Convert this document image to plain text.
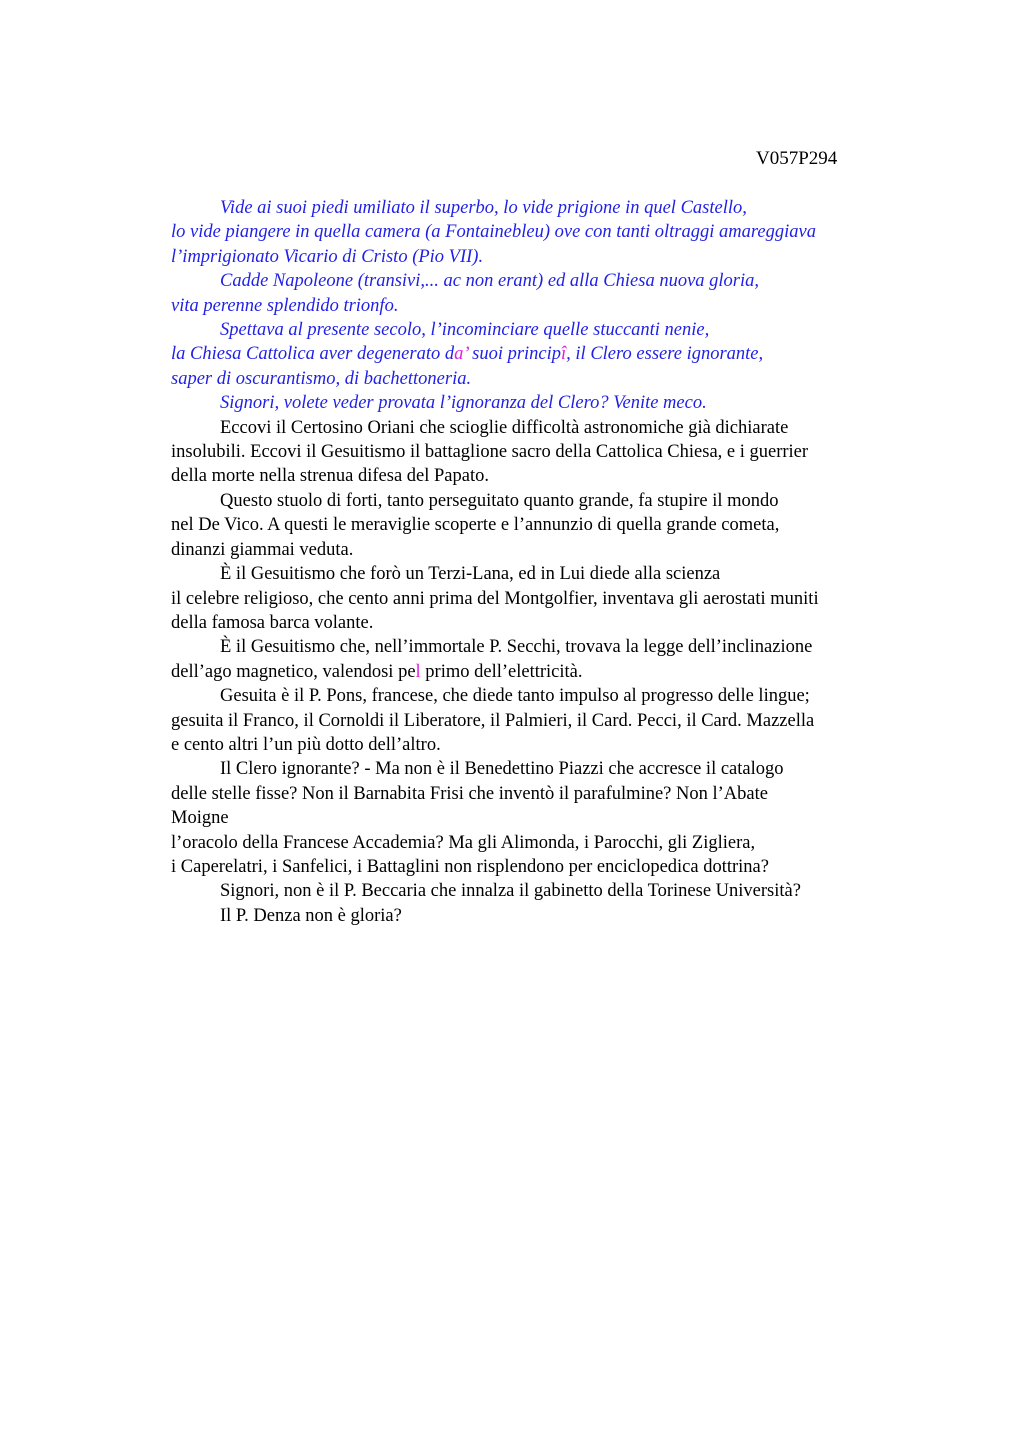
V057P294
Vide ai suoi piedi umiliato il superbo, lo vide prigione in quel Castello,
lo vide piangere in quella camera (a Fontainebleu) ove con tanti oltraggi amareggiava
l’imprigionato Vicario di Cristo (Pio VII).
Cadde Napoleone (transivi,... ac non erant) ed alla Chiesa nuova gloria,
vita perenne splendido trionfo.
Spettava al presente secolo, l’incominciare quelle stuccanti nenie,
la Chiesa Cattolica aver degenerato da’ suoi principî, il Clero essere ignorante,
saper di oscurantismo, di bachettoneria.
Signori, volete veder provata l’ignoranza del Clero? Venite meco.
Eccovi il Certosino Oriani che scioglie difficoltà astronomiche già dichiarate
insolubili. Eccovi il Gesuitismo il battaglione sacro della Cattolica Chiesa, e i guerrier
della morte nella strenua difesa del Papato.
Questo stuolo di forti, tanto perseguitato quanto grande, fa stupire il mondo
nel De Vico. A questi le meraviglie scoperte e l’annunzio di quella grande cometa,
dinanzi giammai veduta.
È il Gesuitismo che forò un Terzi-Lana, ed in Lui diede alla scienza
il celebre religioso, che cento anni prima del Montgolfier, inventava gli aerostati muniti
della famosa barca volante.
È il Gesuitismo che, nell’immortale P. Secchi, trovava la legge dell’inclinazione
dell’ago magnetico, valendosi pel primo dell’elettricità.
Gesuita è il P. Pons, francese, che diede tanto impulso al progresso delle lingue;
gesuita il Franco, il Cornoldi il Liberatore, il Palmieri, il Card. Pecci, il Card. Mazzella
e cento altri l’un più dotto dell’altro.
Il Clero ignorante? - Ma non è il Benedettino Piazzi che accresce il catalogo
delle stelle fisse? Non il Barnabita Frisi che inventò il parafulmine? Non l’Abate
Moigne
l’oracolo della Francese Accademia? Ma gli Alimonda, i Parocchi, gli Zigliera,
i Caperelatri, i Sanfelici, i Battaglini non risplendono per enciclopedica dottrina?
Signori, non è il P. Beccaria che innalza il gabinetto della Torinese Università?
Il P. Denza non è gloria?
